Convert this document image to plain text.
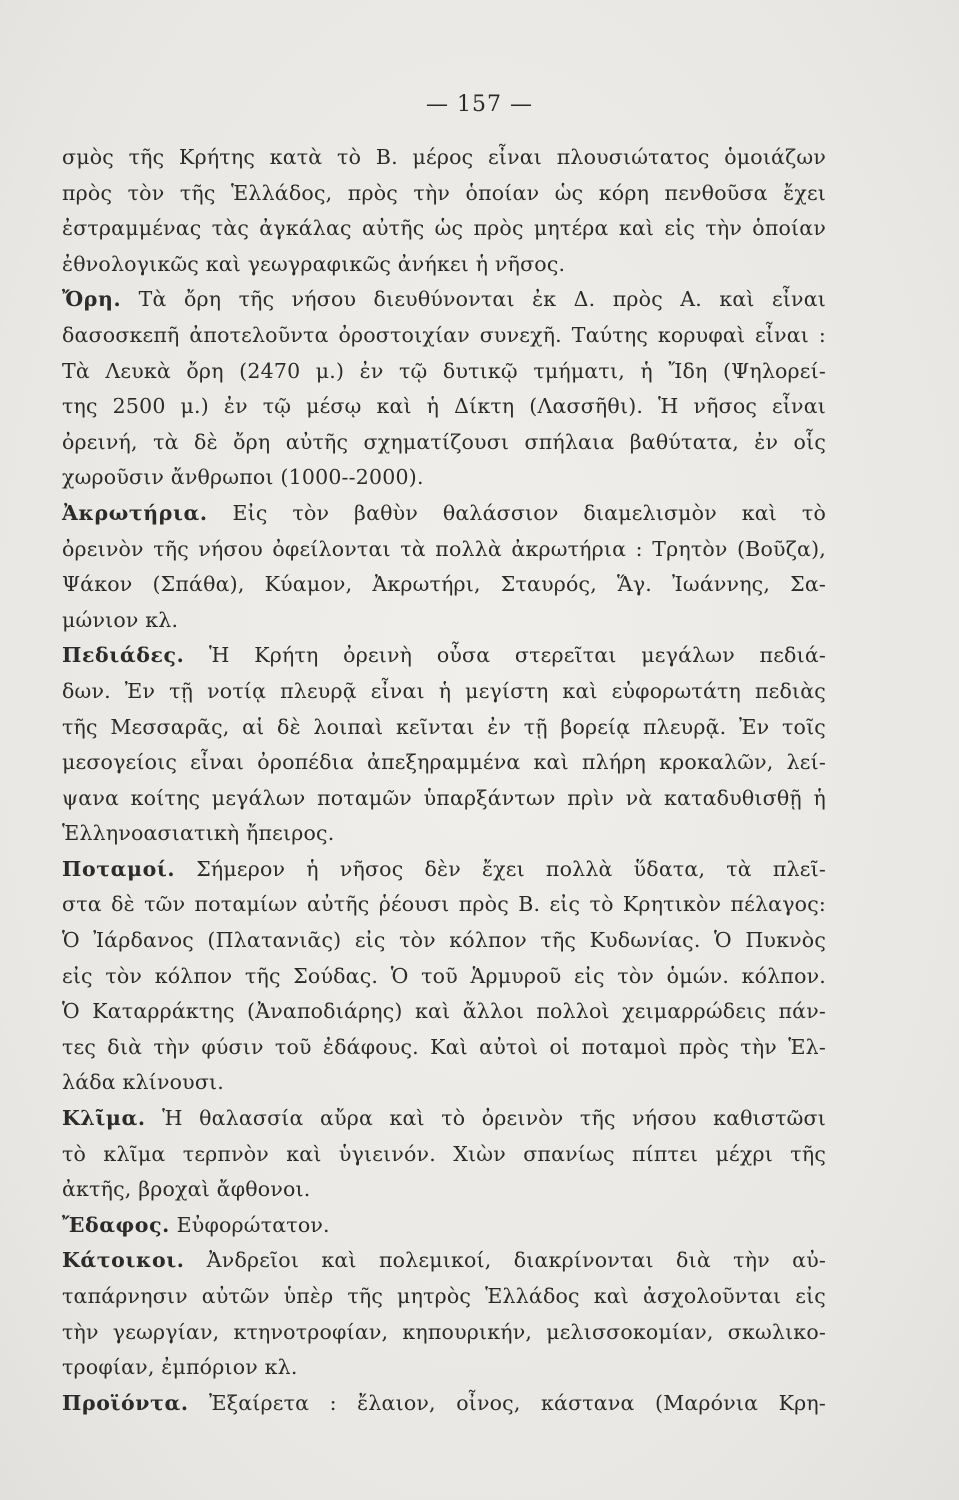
— 157 —
σμὸς τῆς Κρήτης κατὰ τὸ Β. μέρος εἶναι πλουσιώτατος ὁμοιάζων
πρὸς τὸν τῆς Ἑλλάδος, πρὸς τὴν ὁποίαν ὡς κόρη πενθοῦσα ἔχει
ἐστραμμένας τὰς ἀγκάλας αὐτῆς ὡς πρὸς μητέρα καὶ εἰς τὴν ὁποίαν
ἐθνολογικῶς καὶ γεωγραφικῶς ἀνήκει ἡ νῆσος.
Ὄρη. Τὰ ὄρη τῆς νήσου διευθύνονται ἐκ Δ. πρὸς Α. καὶ εἶναι
δασοσκεπῆ ἀποτελοῦντα ὀροστοιχίαν συνεχῆ. Ταύτης κορυφαὶ εἶναι :
Τὰ Λευκὰ ὄρη (2470 μ.) ἐν τῷ δυτικῷ τμήματι, ἡ Ἴδη (Ψηλορεί-
της 2500 μ.) ἐν τῷ μέσῳ καὶ ἡ Δίκτη (Λασσῆθι). Ἡ νῆσος εἶναι
ὀρεινή, τὰ δὲ ὄρη αὐτῆς σχηματίζουσι σπήλαια βαθύτατα, ἐν οἷς
χωροῦσιν ἄνθρωποι (1000--2000).
Ἀκρωτήρια. Εἰς τὸν βαθὺν θαλάσσιον διαμελισμὸν καὶ τὸ
ὀρεινὸν τῆς νήσου ὀφείλονται τὰ πολλὰ ἀκρωτήρια : Τρητὸν (Βοῦζα),
Ψάκον (Σπάθα), Κύαμον, Ἀκρωτήρι, Σταυρός, Ἅγ. Ἰωάννης, Σα-
μώνιον κλ.
Πεδιάδες. Ἡ Κρήτη ὀρεινὴ οὖσα στερεῖται μεγάλων πεδιά-
δων. Ἐν τῇ νοτίᾳ πλευρᾷ εἶναι ἡ μεγίστη καὶ εὐφορωτάτη πεδιὰς
τῆς Μεσσαρᾶς, αἱ δὲ λοιπαὶ κεῖνται ἐν τῇ βορείᾳ πλευρᾷ. Ἐν τοῖς
μεσογείοις εἶναι ὀροπέδια ἀπεξηραμμένα καὶ πλήρη κροκαλῶν, λεί-
ψανα κοίτης μεγάλων ποταμῶν ὑπαρξάντων πρὶν νὰ καταδυθισθῇ ἡ
Ἑλληνοασιατικὴ ἤπειρος.
Ποταμοί. Σήμερον ἡ νῆσος δὲν ἔχει πολλὰ ὕδατα, τὰ πλεῖ-
στα δὲ τῶν ποταμίων αὐτῆς ῥέουσι πρὸς Β. εἰς τὸ Κρητικὸν πέλαγος:
Ὁ Ἰάρδανος (Πλατανιᾶς) εἰς τὸν κόλπον τῆς Κυδωνίας. Ὁ Πυκνὸς
εἰς τὸν κόλπον τῆς Σούδας. Ὁ τοῦ Ἁρμυροῦ εἰς τὸν ὁμών. κόλπον.
Ὁ Καταρράκτης (Ἀναποδιάρης) καὶ ἄλλοι πολλοὶ χειμαρρώδεις πάν-
τες διὰ τὴν φύσιν τοῦ ἐδάφους. Καὶ αὐτοὶ οἱ ποταμοὶ πρὸς τὴν Ἑλ-
λάδα κλίνουσι.
Κλῖμα. Ἡ θαλασσία αὔρα καὶ τὸ ὀρεινὸν τῆς νήσου καθιστῶσι
τὸ κλῖμα τερπνὸν καὶ ὑγιεινόν. Χιὼν σπανίως πίπτει μέχρι τῆς
ἀκτῆς, βροχαὶ ἄφθονοι.
Ἔδαφος. Εὐφορώτατον.
Κάτοικοι. Ἀνδρεῖοι καὶ πολεμικοί, διακρίνονται διὰ τὴν αὐ-
ταπάρνησιν αὐτῶν ὑπὲρ τῆς μητρὸς Ἑλλάδος καὶ ἀσχολοῦνται εἰς
τὴν γεωργίαν, κτηνοτροφίαν, κηπουρικήν, μελισσοκομίαν, σκωλικο-
τροφίαν, ἐμπόριον κλ.
Προϊόντα. Ἐξαίρετα : ἔλαιον, οἶνος, κάστανα (Μαρόνια Κρη-
